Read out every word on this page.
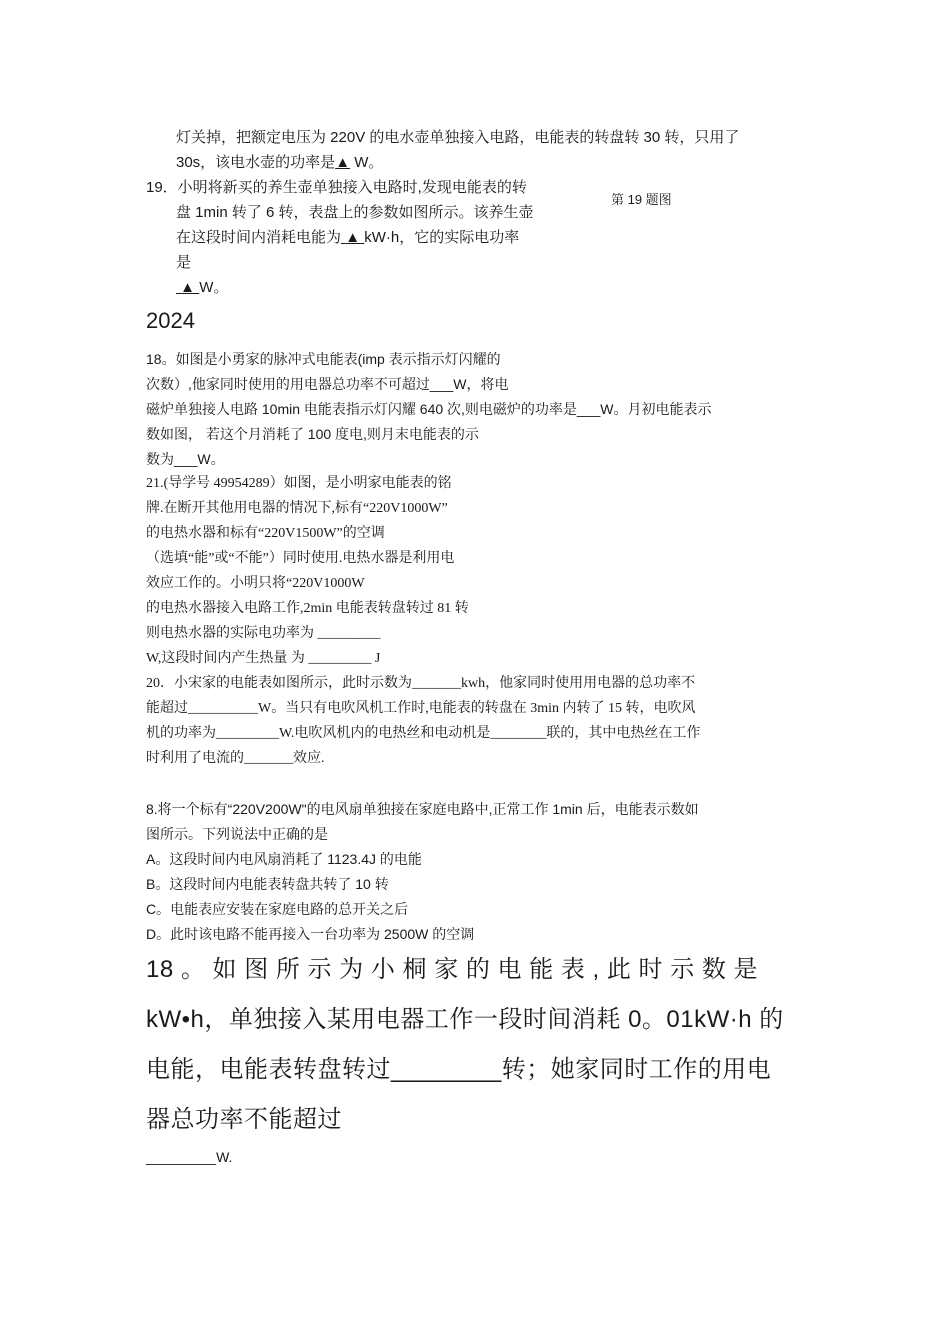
灯关掉，把额定电压为 220V 的电水壶单独接入电路，电能表的转盘转 30 转，只用了
30s，该电水壶的功率是▲ W。
19．小明将新买的养生壶单独接入电路时,发现电能表的转
第 19 题图
盘 1min 转了 6 转，表盘上的参数如图所示。该养生壶
在这段时间内消耗电能为 ▲ kW·h，它的实际电功率
是
▲ W。
2024
18。如图是小勇家的脉冲式电能表(imp 表示指示灯闪耀的
次数）,他家同时使用的用电器总功率不可超过___W，将电
磁炉单独接人电路 10min 电能表指示灯闪耀 640 次,则电磁炉的功率是___W。月初电能表示
数如图， 若这个月消耗了 100 度电,则月末电能表的示
数为___W。
21.(导学号 49954289）如图，是小明家电能表的铭
牌.在断开其他用电器的情况下,标有“220V1000W”
的电热水器和标有“220V1500W”的空调
（选填“能”或“不能”）同时使用.电热水器是利用电
效应工作的。小明只将“220V1000W
的电热水器接入电路工作,2min 电能表转盘转过 81 转
则电热水器的实际电功率为 _________
W,这段时间内产生热量 为 _________ J
20．小宋家的电能表如图所示，此时示数为_______kwh，他家同时使用用电器的总功率不
能超过__________W。当只有电吹风机工作时,电能表的转盘在 3min 内转了 15 转，电吹风
机的功率为_________W.电吹风机内的电热丝和电动机是________联的，其中电热丝在工作
时利用了电流的_______效应.
8.将一个标有“220V200W"的电风扇单独接在家庭电路中,正常工作 1min 后，电能表示数如
图所示。下列说法中正确的是
A。这段时间内电风扇消耗了 1123.4J 的电能
B。这段时间内电能表转盘共转了 10 转
C。电能表应安装在家庭电路的总开关之后
D。此时该电路不能再接入一台功率为 2500W 的空调
18 。 如 图 所 示 为 小 桐 家 的 电 能 表 , 此 时 示 数 是
kW•h，单独接入某用电器工作一段时间消耗 0。01kW·h 的
电能，电能表转盘转过________转；她家同时工作的用电
器总功率不能超过
_________W.
